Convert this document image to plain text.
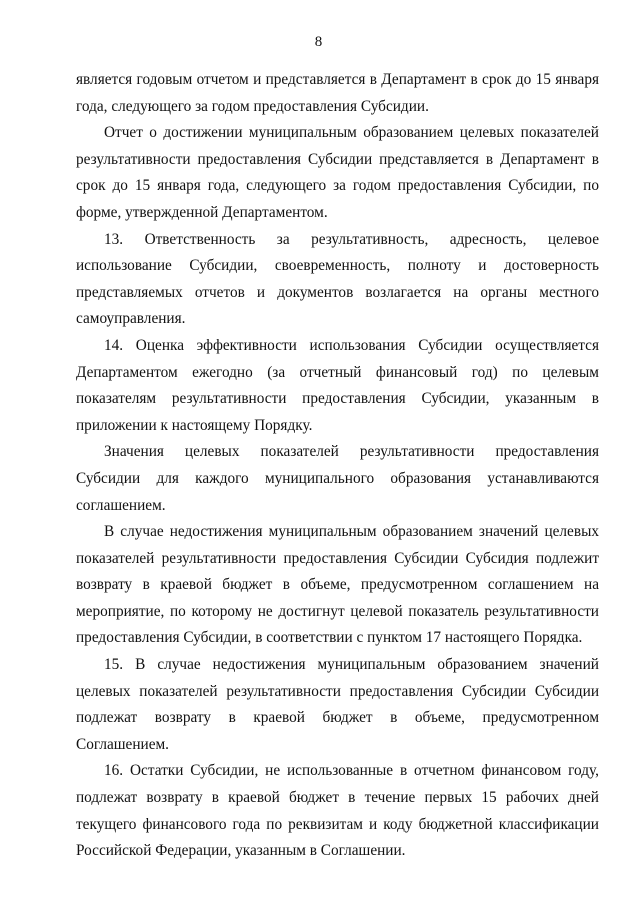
8

является годовым отчетом и представляется в Департамент в срок до 15 января
года, следующего за годом предоставления Субсидии.

Отчет о достижении муниципальным образованием целевых показателей
результативности предоставления Субсидии представляется в Департамент в
срок до 15 января года, следующего за годом предоставления Субсидии, по
форме, утвержденной Департаментом.

13. Ответственность за результативность, адресность, целевое
использование Субсидии, своевременность, полноту и достоверность
представляемых отчетов и документов возлагается на органы местного
самоуправления.

14. Оценка эффективности использования Субсидии осуществляется
Департаментом ежегодно (за отчетный финансовый год) по целевым
показателям результативности предоставления Субсидии, указанным в
приложении к настоящему Порядку.

Значения целевых показателей результативности предоставления
Субсидии для каждого муниципального образования устанавливаются
соглашением.

В случае недостижения муниципальным образованием значений целевых
показателей результативности предоставления Субсидии Субсидия подлежит
возврату в краевой бюджет в объеме, предусмотренном соглашением на
мероприятие, по которому не достигнут целевой показатель результативности
предоставления Субсидии, в соответствии с пунктом 17 настоящего Порядка.

15. В случае недостижения муниципальным образованием значений
целевых показателей результативности предоставления Субсидии Субсидии
подлежат возврату в краевой бюджет в объеме, предусмотренном
Соглашением.

16. Остатки Субсидии, не использованные в отчетном финансовом году,
подлежат возврату в краевой бюджет в течение первых 15 рабочих дней
текущего финансового года по реквизитам и коду бюджетной классификации
Российской Федерации, указанным в Соглашении.
